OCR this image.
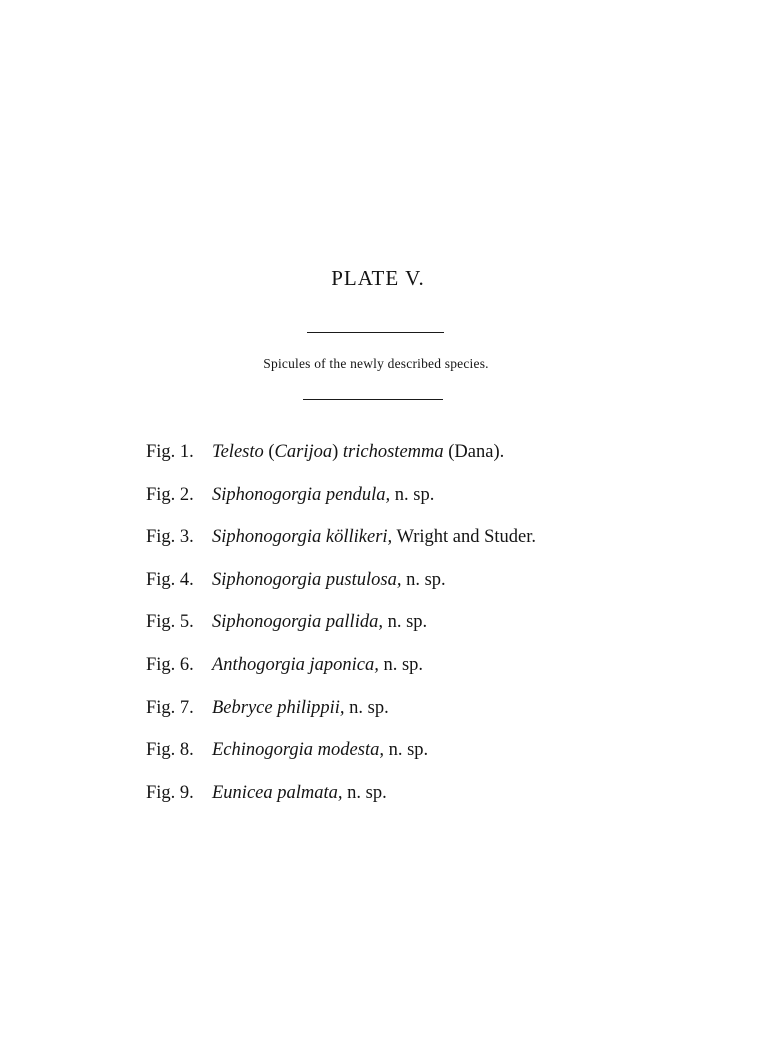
PLATE V.
Spicules of the newly described species.
Fig. 1. Telesto (Carijoa) trichostemma (Dana).
Fig. 2. Siphonogorgia pendula, n. sp.
Fig. 3. Siphonogorgia köllikeri, Wright and Studer.
Fig. 4. Siphonogorgia pustulosa, n. sp.
Fig. 5. Siphonogorgia pallida, n. sp.
Fig. 6. Anthogorgia japonica, n. sp.
Fig. 7. Bebryce philippii, n. sp.
Fig. 8. Echinogorgia modesta, n. sp.
Fig. 9. Eunicea palmata, n. sp.
